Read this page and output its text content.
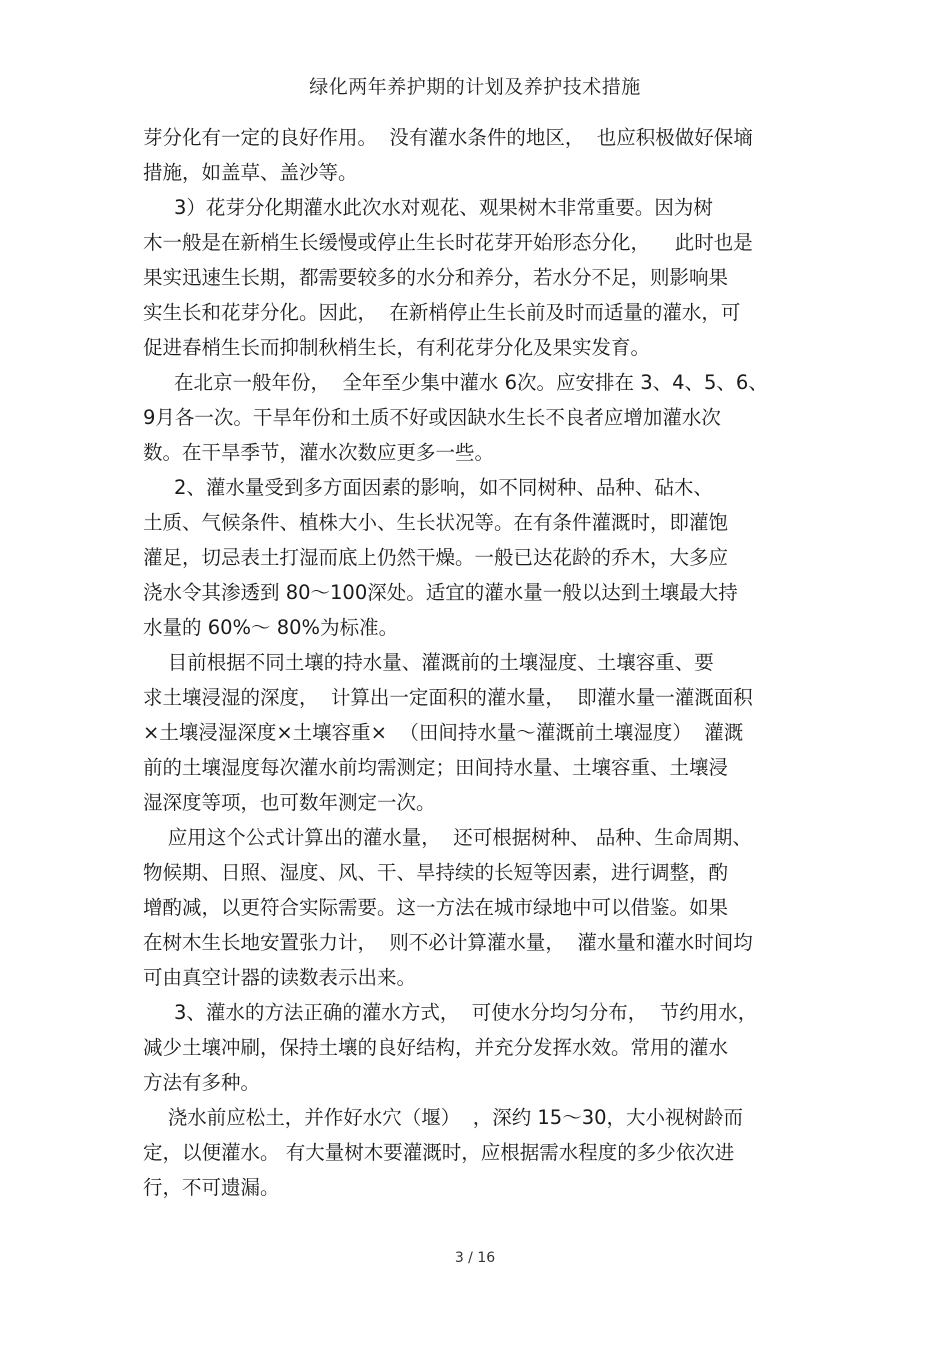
绿化两年养护期的计划及养护技术措施
芽分化有一定的良好作用。  没有灌水条件的地区，  也应积极做好保墒
措施，如盖草、盖沙等。
3）花芽分化期灌水此次水对观花、观果树木非常重要。因为树
木一般是在新梢生长缓慢或停止生长时花芽开始形态分化，    此时也是
果实迅速生长期，都需要较多的水分和养分，若水分不足，则影响果
实生长和花芽分化。因此，  在新梢停止生长前及时而适量的灌水，可
促进春梢生长而抑制秋梢生长，有利花芽分化及果实发育。
在北京一般年份，  全年至少集中灌水 6次。应安排在 3、4、5、6、
9月各一次。干旱年份和土质不好或因缺水生长不良者应增加灌水次
数。在干旱季节，灌水次数应更多一些。
2、灌水量受到多方面因素的影响，如不同树种、品种、砧木、
土质、气候条件、植株大小、生长状况等。在有条件灌溉时，即灌饱
灌足，切忌表土打湿而底上仍然干燥。一般已达花龄的乔木，大多应
浇水令其渗透到 80～100深处。适宜的灌水量一般以达到土壤最大持
水量的 60%～ 80%为标准。
目前根据不同土壤的持水量、灌溉前的土壤湿度、土壤容重、要
求土壤浸湿的深度，  计算出一定面积的灌水量，  即灌水量一灌溉面积
×土壤浸湿深度×土壤容重×  （田间持水量～灌溉前土壤湿度）  灌溉
前的土壤湿度每次灌水前均需测定；田间持水量、土壤容重、土壤浸
湿深度等项，也可数年测定一次。
应用这个公式计算出的灌水量，  还可根据树种、 品种、生命周期、
物候期、日照、湿度、风、干、旱持续的长短等因素，进行调整，酌
增酌减，以更符合实际需要。这一方法在城市绿地中可以借鉴。如果
在树木生长地安置张力计，  则不必计算灌水量，  灌水量和灌水时间均
可由真空计器的读数表示出来。
3、灌水的方法正确的灌水方式，  可使水分均匀分布，  节约用水，
减少土壤冲刷，保持土壤的良好结构，并充分发挥水效。常用的灌水
方法有多种。
浇水前应松土，并作好水穴（堰）  ，深约 15～30，大小视树龄而
定，以便灌水。 有大量树木要灌溉时，应根据需水程度的多少依次进
行，不可遗漏。
3 / 16
